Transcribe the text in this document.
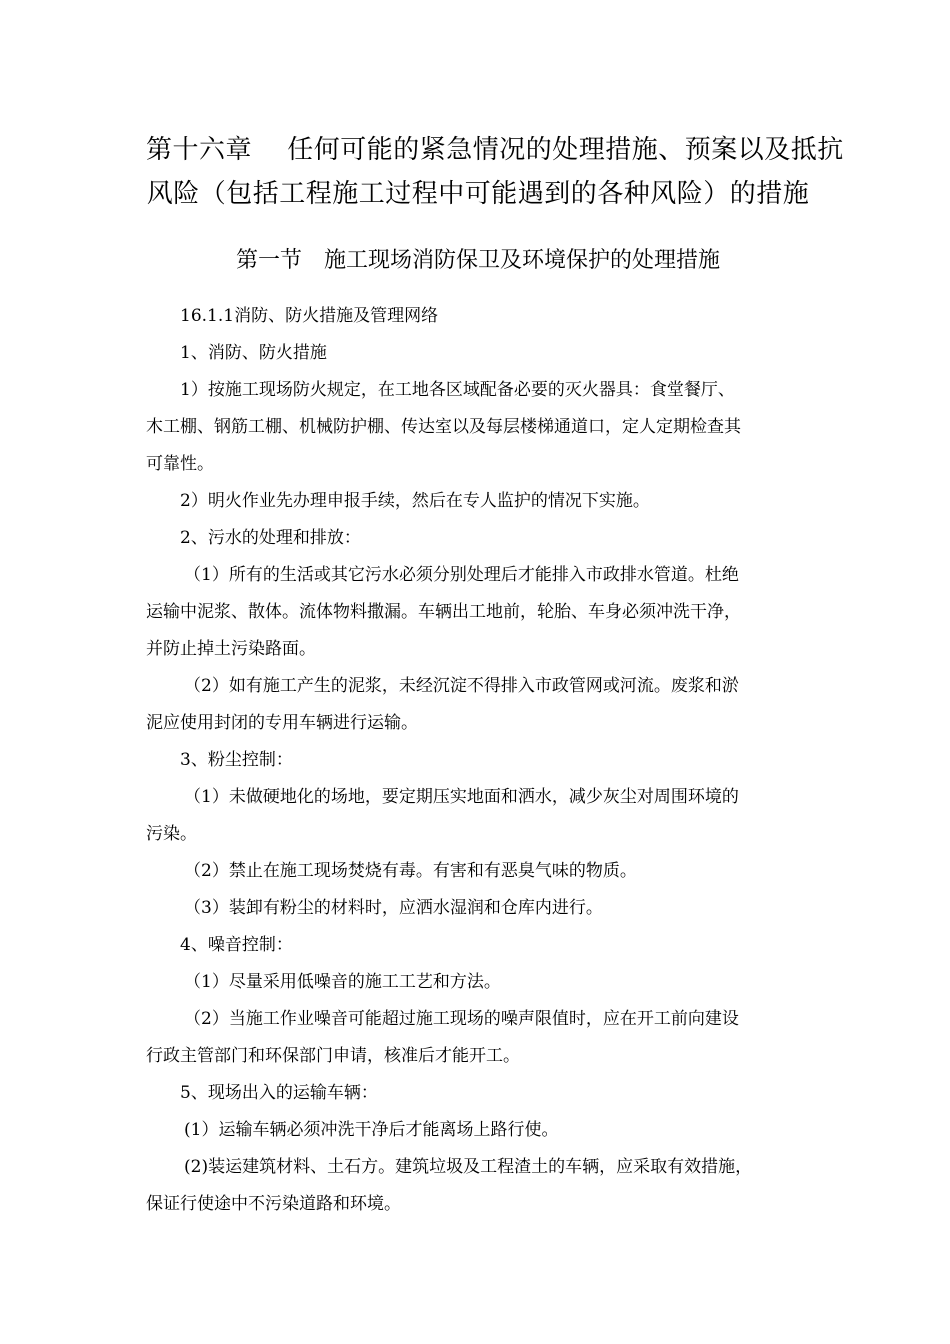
第十六章　 任何可能的紧急情况的处理措施、预案以及抵抗
风险（包括工程施工过程中可能遇到的各种风险）的措施
第一节　施工现场消防保卫及环境保护的处理措施
16.1.1消防、防火措施及管理网络
1、消防、防火措施
1）按施工现场防火规定，在工地各区域配备必要的灭火器具：食堂餐厅、
木工棚、钢筋工棚、机械防护棚、传达室以及每层楼梯通道口，定人定期检查其
可靠性。
2）明火作业先办理申报手续，然后在专人监护的情况下实施。
2、污水的处理和排放：
（1）所有的生活或其它污水必须分别处理后才能排入市政排水管道。杜绝
运输中泥浆、散体。流体物料撒漏。车辆出工地前，轮胎、车身必须冲洗干净，
并防止掉土污染路面。
（2）如有施工产生的泥浆，未经沉淀不得排入市政管网或河流。废浆和淤
泥应使用封闭的专用车辆进行运输。
3、粉尘控制：
（1）未做硬地化的场地，要定期压实地面和洒水，减少灰尘对周围环境的
污染。
（2）禁止在施工现场焚烧有毒。有害和有恶臭气味的物质。
（3）装卸有粉尘的材料时，应洒水湿润和仓库内进行。
4、噪音控制：
（1）尽量采用低噪音的施工工艺和方法。
（2）当施工作业噪音可能超过施工现场的噪声限值时，应在开工前向建设
行政主管部门和环保部门申请，核准后才能开工。
5、现场出入的运输车辆：
(1）运输车辆必须冲洗干净后才能离场上路行使。
(2)装运建筑材料、土石方。建筑垃圾及工程渣土的车辆，应采取有效措施，
保证行使途中不污染道路和环境。
